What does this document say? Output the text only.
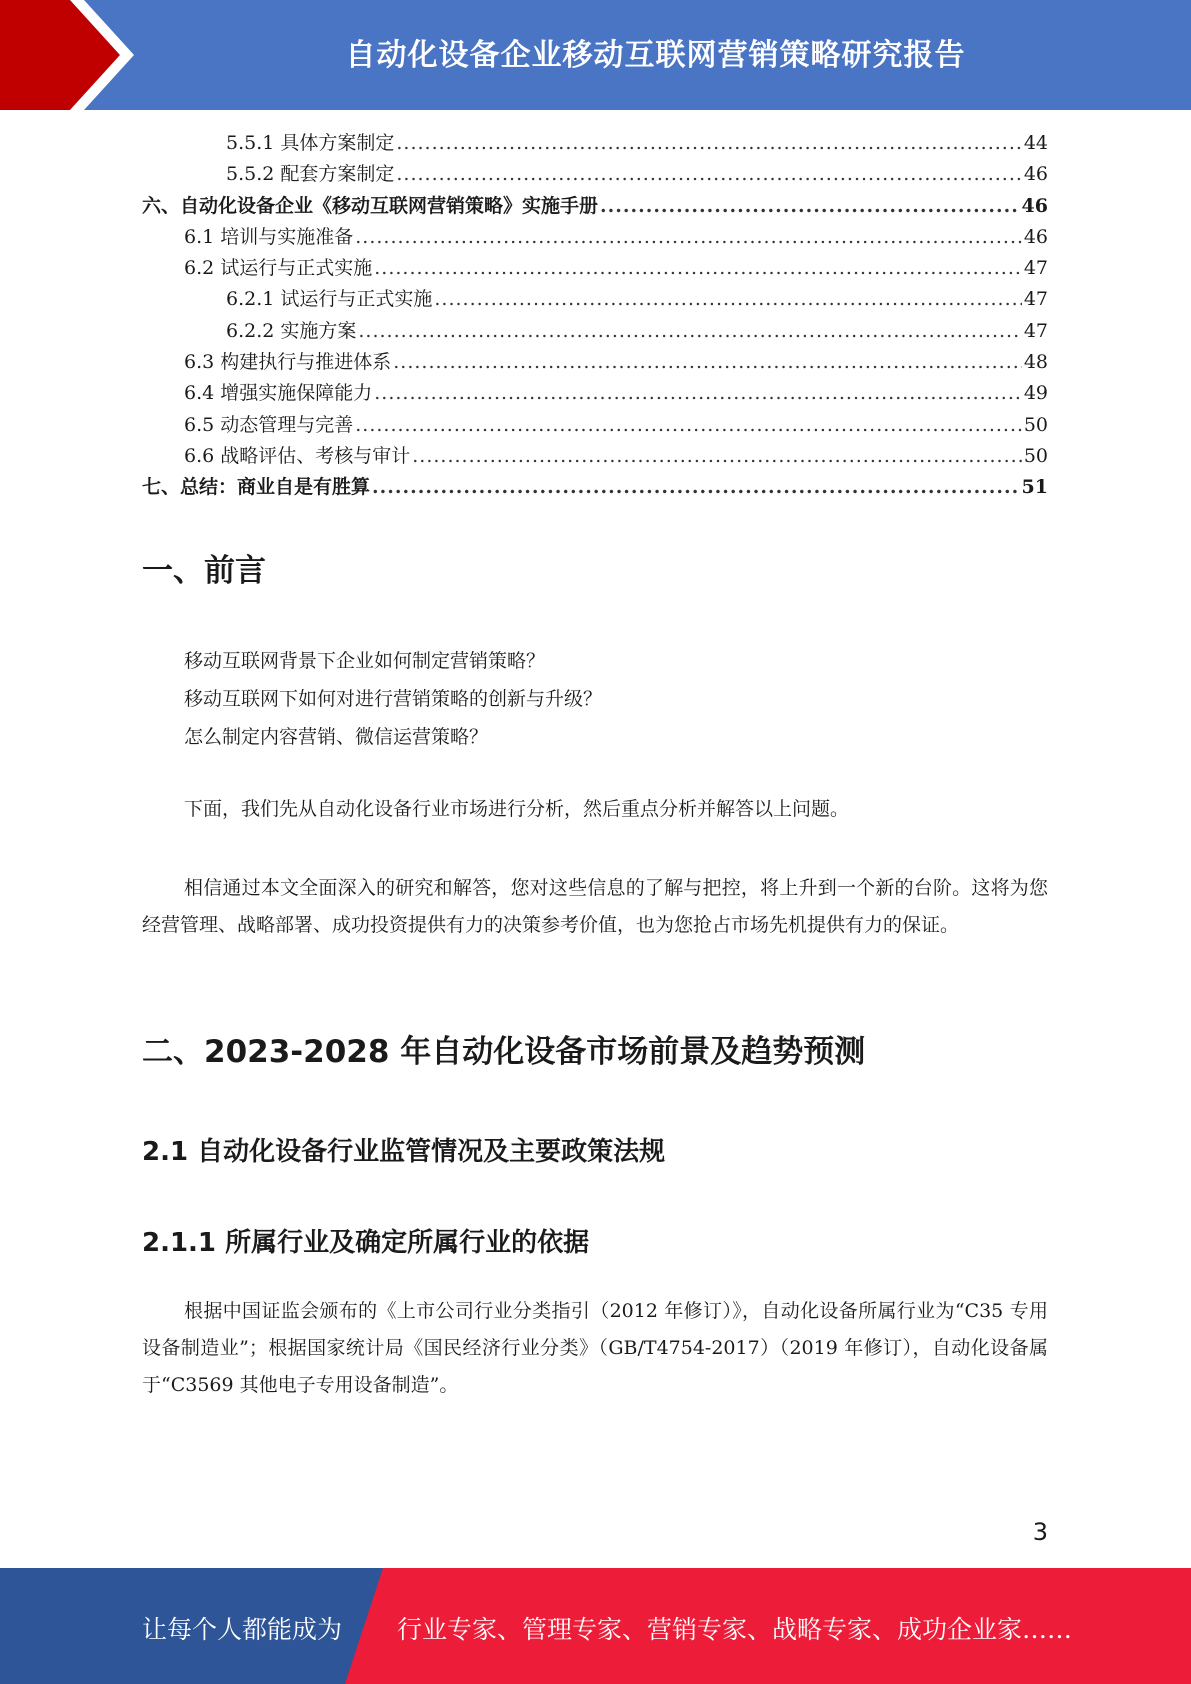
自动化设备企业移动互联网营销策略研究报告
5.5.1 具体方案制定 .....	44
5.5.2 配套方案制定 .....	46
六、自动化设备企业《移动互联网营销策略》实施手册 .....	46
6.1 培训与实施准备 .....	46
6.2 试运行与正式实施 .....	47
6.2.1 试运行与正式实施 .....	47
6.2.2 实施方案 .....	47
6.3 构建执行与推进体系 .....	48
6.4 增强实施保障能力 .....	49
6.5 动态管理与完善 .....	50
6.6 战略评估、考核与审计 .....	50
七、总结：商业自是有胜算 .....	51
一、前言

移动互联网背景下企业如何制定营销策略？

移动互联网下如何对进行营销策略的创新与升级？

怎么制定内容营销、微信运营策略？

下面，我们先从自动化设备行业市场进行分析，然后重点分析并解答以上问题。

相信通过本文全面深入的研究和解答，您对这些信息的了解与把控，将上升到一个新的台阶。这将为您经营管理、战略部署、成功投资提供有力的决策参考价值，也为您抢占市场先机提供有力的保证。

二、2023-2028 年自动化设备市场前景及趋势预测
2.1 自动化设备行业监管情况及主要政策法规
2.1.1 所属行业及确定所属行业的依据

根据中国证监会颁布的《上市公司行业分类指引（2012 年修订）》，自动化设备所属行业为“C35 专用设备制造业”；根据国家统计局《国民经济行业分类》（GB/T4754-2017）（2019 年修订），自动化设备属于“C3569 其他电子专用设备制造”。

3
让每个人都能成为 行业专家、管理专家、营销专家、战略专家、成功企业家……
